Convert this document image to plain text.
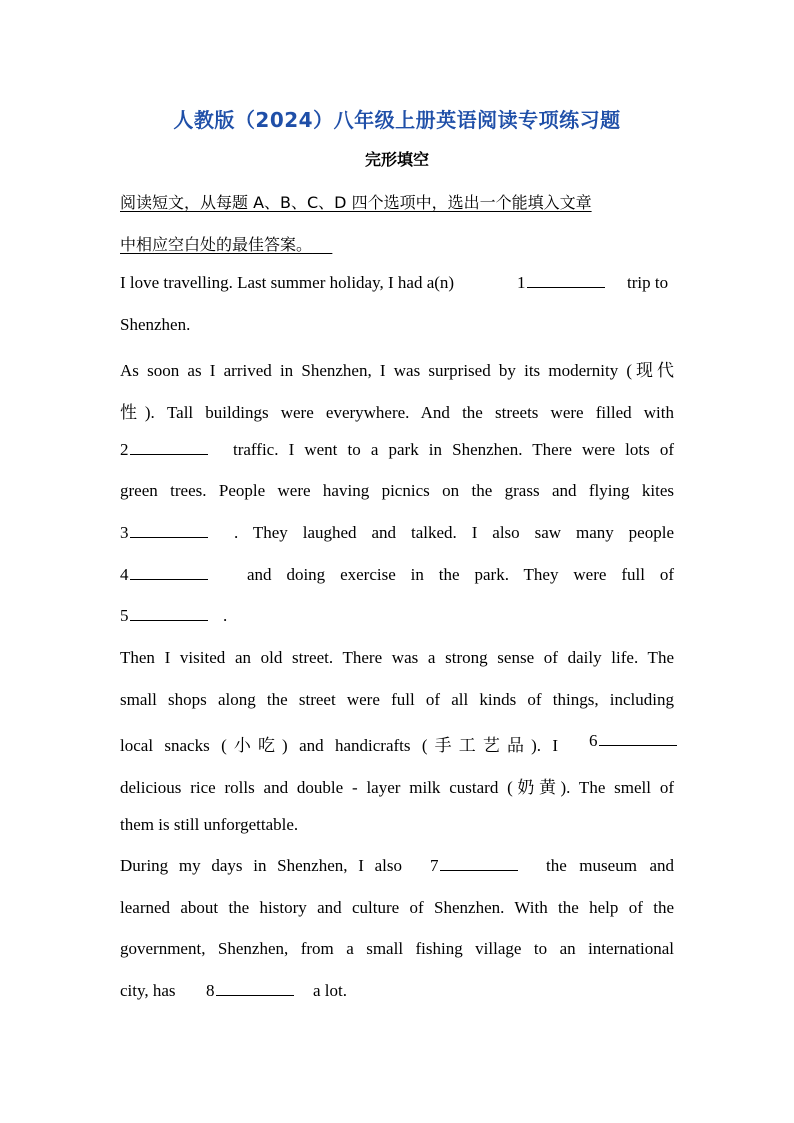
人教版（2024）八年级上册英语阅读专项练习题
完形填空
阅读短文，从每题 A、B、C、D 四个选项中，选出一个能填入文章
中相应空白处的最佳答案。
I love travelling. Last summer holiday, I had a(n)	1	trip to
Shenzhen.
As soon as I arrived in Shenzhen, I was surprised by its modernity (现代
性). Tall buildings were everywhere. And the streets were filled with
2	traffic. I went to a park in Shenzhen. There were lots of
green trees. People were having picnics on the grass and flying kites
3	. They laughed and talked. I also saw many people
4	and doing exercise in the park. They were full of
5	.
Then I visited an old street. There was a strong sense of daily life. The
small shops along the street were full of all kinds of things, including
local snacks (小吃) and handicrafts (手工艺品). I 6
delicious rice rolls and double - layer milk custard (奶黄). The smell of
them is still unforgettable.
During my days in Shenzhen, I also 7	the museum and
learned about the history and culture of Shenzhen. With the help of the
government, Shenzhen, from a small fishing village to an international
city, has 8	a lot.
